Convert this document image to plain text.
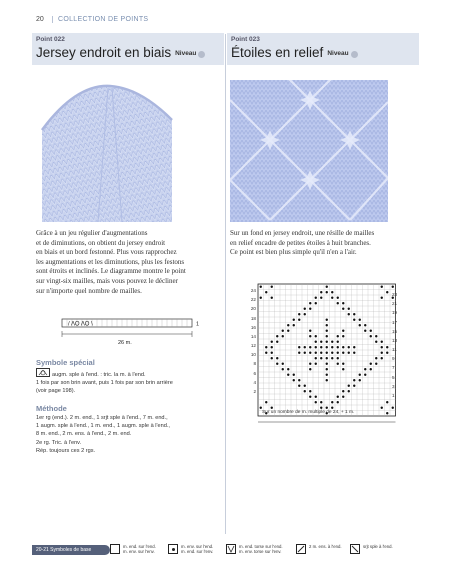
20	COLLECTION DE POINTS
Point 022
Jersey endroit en biais Niveau
Point 023
Étoiles en relief Niveau
Grâce à un jeu régulier d'augmentations
et de diminutions, on obtient du jersey endroit
en biais et un bord festonné. Plus vous rapprochez
les augmentations et les diminutions, plus les festons
sont étroits et inclinés. Le diagramme montre le point
sur vingt-six mailles, mais vous pouvez le décliner
sur n'importe quel nombre de mailles.
/ ΛΟ ΛΟ \	1
26 m.
Symbole spécial
augm. sple à l'end. : tric. la m. à l'end.
1 fois par son brin avant, puis 1 fois par son brin arrière
(voir page 198).
Méthode
1er rg (end.). 2 m. end., 1 srjt sple à l'end., 7 m. end.,
1 augm. sple à l'end., 1 m. end., 1 augm. sple à l'end.,
8 m. end., 2 m. ens. à l'end., 2 m. end.
2e rg. Tric. à l'env.
Rép. toujours ces 2 rgs.
Sur un fond en jersey endroit, une résille de mailles
en relief encadre de petites étoiles à huit branches.
Ce point est bien plus simple qu'il n'en a l'air.
24
22
20
18
16
14
12
10
8
6
4
2
23
21
19
17
15
13
11
9
7
5
3
1
Sur un nombre de m. multiple de 24, + 1 m.
20-21 Symboles de base
m. end. sur l'end.
m. env. sur l'env.
m. env. sur l'end.
m. end. sur l'env.
m. end. torse sur l'end.
m. env. torse sur l'env.
2 m. ens. à l'end.	srjt sple à l'end.
